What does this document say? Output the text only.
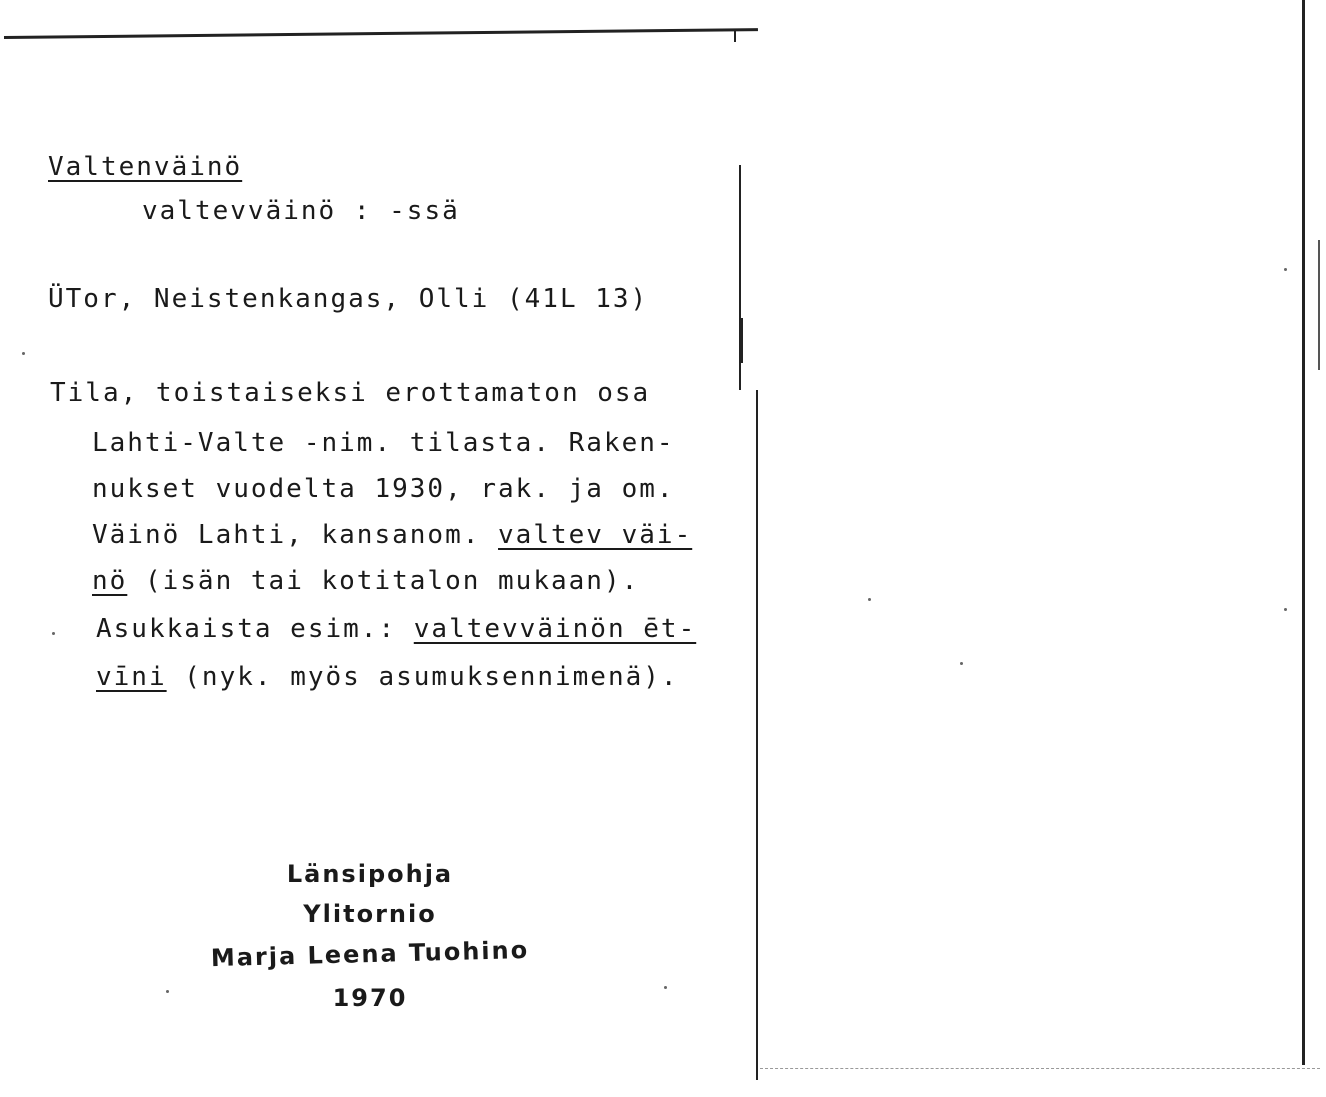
Valtenväinö
valtevväinö : -ssä
ÜTor, Neistenkangas, Olli (41L 13)
Tila, toistaiseksi erottamaton osa
Lahti-Valte -nim. tilasta. Raken-
nukset vuodelta 1930, rak. ja om.
Väinö Lahti, kansanom. valtev väi-
nö (isän tai kotitalon mukaan).
Asukkaista esim.: valtevväinön ēt-
vīni (nyk. myös asumuksennimenä).
Länsipohja
Ylitornio
Marja Leena Tuohino
1970
